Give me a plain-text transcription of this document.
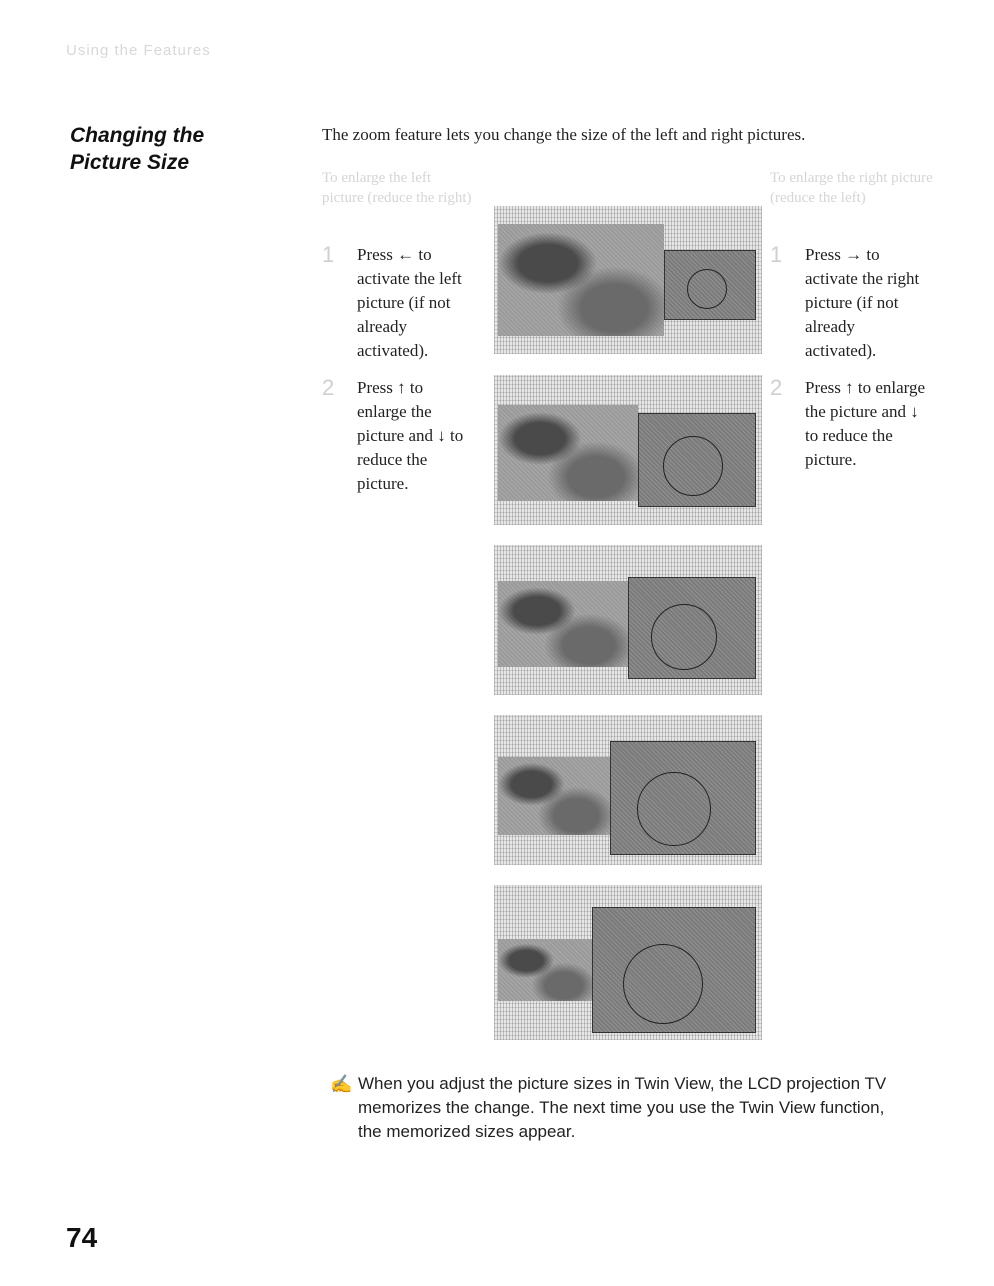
Using the Features
Changing the Picture Size
The zoom feature lets you change the size of the left and right pictures.
To enlarge the left picture (reduce the right)
1 Press ← to
activate the left
picture (if not
already
activated).
2 Press ↑ to
enlarge the
picture and ↓ to
reduce the
picture.
To enlarge the right picture (reduce the left)
1 Press → to
activate the right
picture (if not
already
activated).
2 Press ↑ to enlarge
the picture and ↓
to reduce the
picture.
✍ When you adjust the picture sizes in Twin View, the LCD projection TV
memorizes the change. The next time you use the Twin View function,
the memorized sizes appear.
74
